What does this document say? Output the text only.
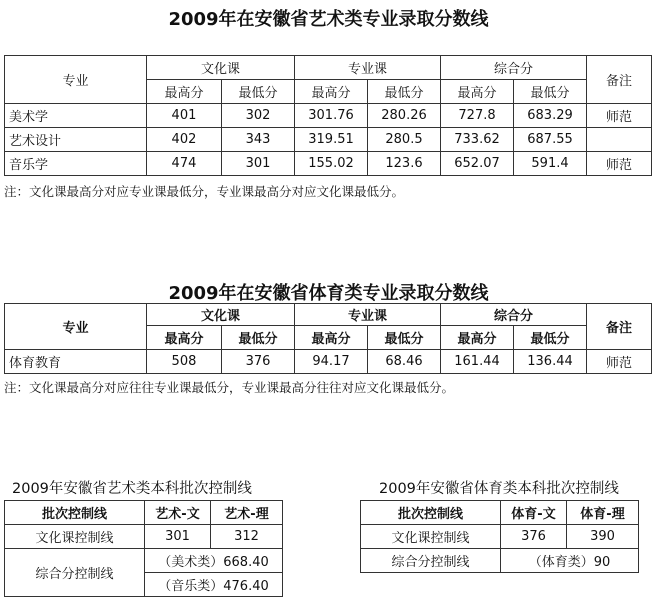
2009年在安徽省艺术类专业录取分数线
专业	文化课		专业课		综合分		备注
	最高分	最低分	最高分	最低分	最高分	最低分	
美术学	401	302	301.76	280.26	727.8	683.29	师范
艺术设计	402	343	319.51	280.5	733.62	687.55	
音乐学	474	301	155.02	123.6	652.07	591.4	师范
注：文化课最高分对应专业课最低分，专业课最高分对应文化课最低分。
2009年在安徽省体育类专业录取分数线
专业	文化课		专业课		综合分		备注
	最高分	最低分	最高分	最低分	最高分	最低分	
体育教育	508	376	94.17	68.46	161.44	136.44	师范
注：文化课最高分对应往往专业课最低分，专业课最高分往往对应文化课最低分。
2009年安徽省艺术类本科批次控制线
批次控制线	艺术-文	艺术-理
文化课控制线	301	312
综合分控制线	（美术类）668.40	
	（音乐类）476.40	
2009年安徽省体育类本科批次控制线
批次控制线	体育-文	体育-理
文化课控制线	376	390
综合分控制线	（体育类）90	
